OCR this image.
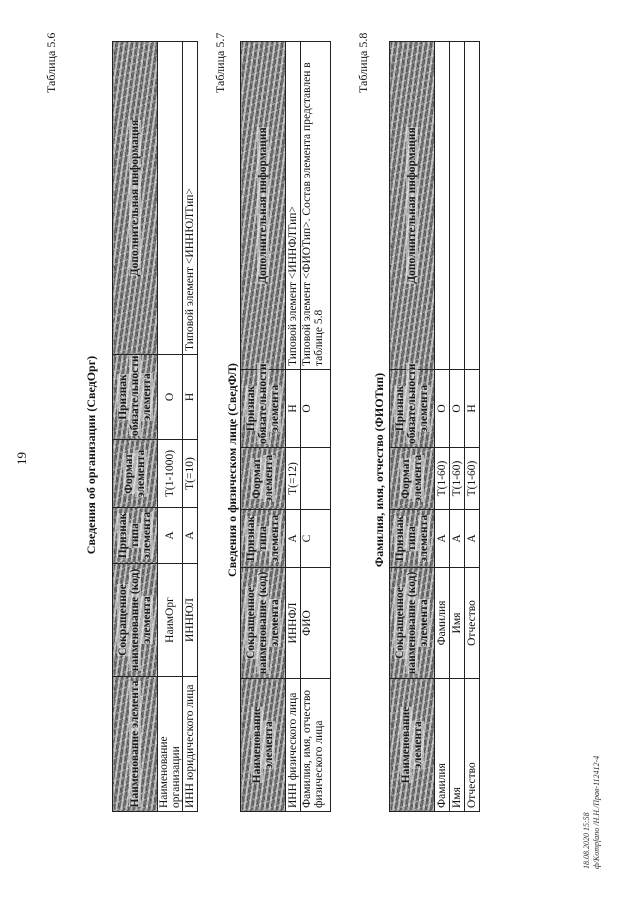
19
Таблица 5.6
Сведения об организации (СведОрг)
Наименование элемента	Сокращенное наименование (код) элемента	Признак типа элемента	Формат элемента	Признак обязательности элемента	Дополнительная информация
Наименование организации	НаимОрг	А	T(1-1000)	О	
ИНН юридического лица	ИННЮЛ	А	T(=10)	Н	Типовой элемент <ИННЮЛТип>
Таблица 5.7
Сведения о физическом лице (СведФЛ)
Наименование элемента	Сокращенное наименование (код) элемента	Признак типа элемента	Формат элемента	Признак обязательности элемента	Дополнительная информация
ИНН физического лица	ИННФЛ	А	T(=12)	Н	Типовой элемент <ИННФЛТип>
Фамилия, имя, отчество физического лица	ФИО	С		О	Типовой элемент <ФИОТип>. Состав элемента представлен в таблице 5.8
Таблица 5.8
Фамилия, имя, отчество (ФИОТип)
Наименование элемента	Сокращенное наименование (код) элемента	Признак типа элемента	Формат элемента	Признак обязательности элемента	Дополнительная информация
Фамилия	Фамилия	А	T(1-60)	О	
Имя	Имя	А	T(1-60)	О	
Отчество	Отчество	А	T(1-60)	Н	
18.08.2020 15:58 ф/Kompfano /Н.Н./Прав-112412-4
